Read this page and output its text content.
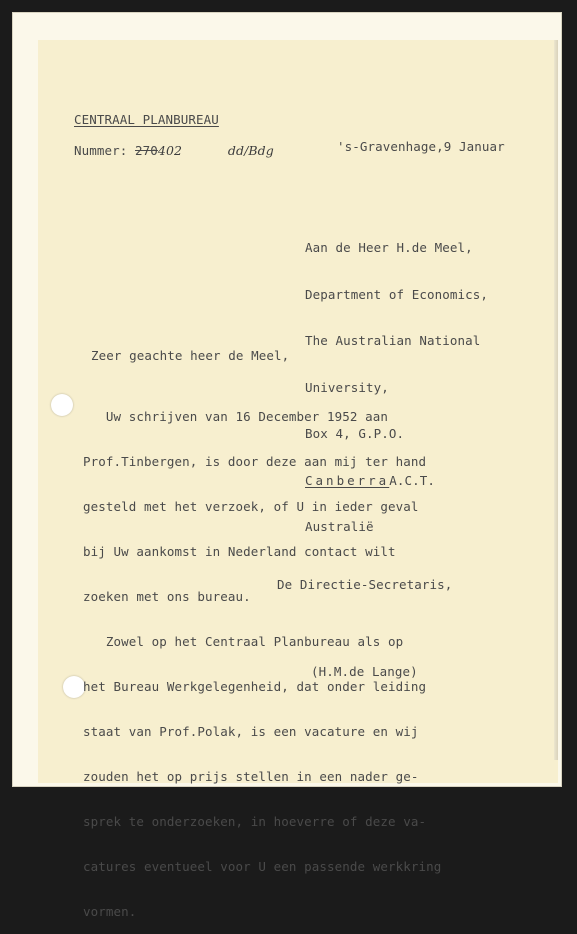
CENTRAAL PLANBUREAU
Nummer: 270402	dd/Bdg	's-Gravenhage,9 Januar

Aan de Heer H.de Meel,

Department of Economics,

The Australian National

University,

Box 4, G.P.O.

CanberraA.C.T.

Australië

Zeer geachte heer de Meel,

Uw schrijven van 16 December 1952 aan

Prof.Tinbergen, is door deze aan mij ter hand

gesteld met het verzoek, of U in ieder geval

bij Uw aankomst in Nederland contact wilt

zoeken met ons bureau.

Zowel op het Centraal Planbureau als op

het Bureau Werkgelegenheid, dat onder leiding

staat van Prof.Polak, is een vacature en wij

zouden het op prijs stellen in een nader ge-

sprek te onderzoeken, in hoeverre of deze va-

catures eventueel voor U een passende werkkring

vormen.

De Directie-Secretaris,
(H.M.de Lange)
